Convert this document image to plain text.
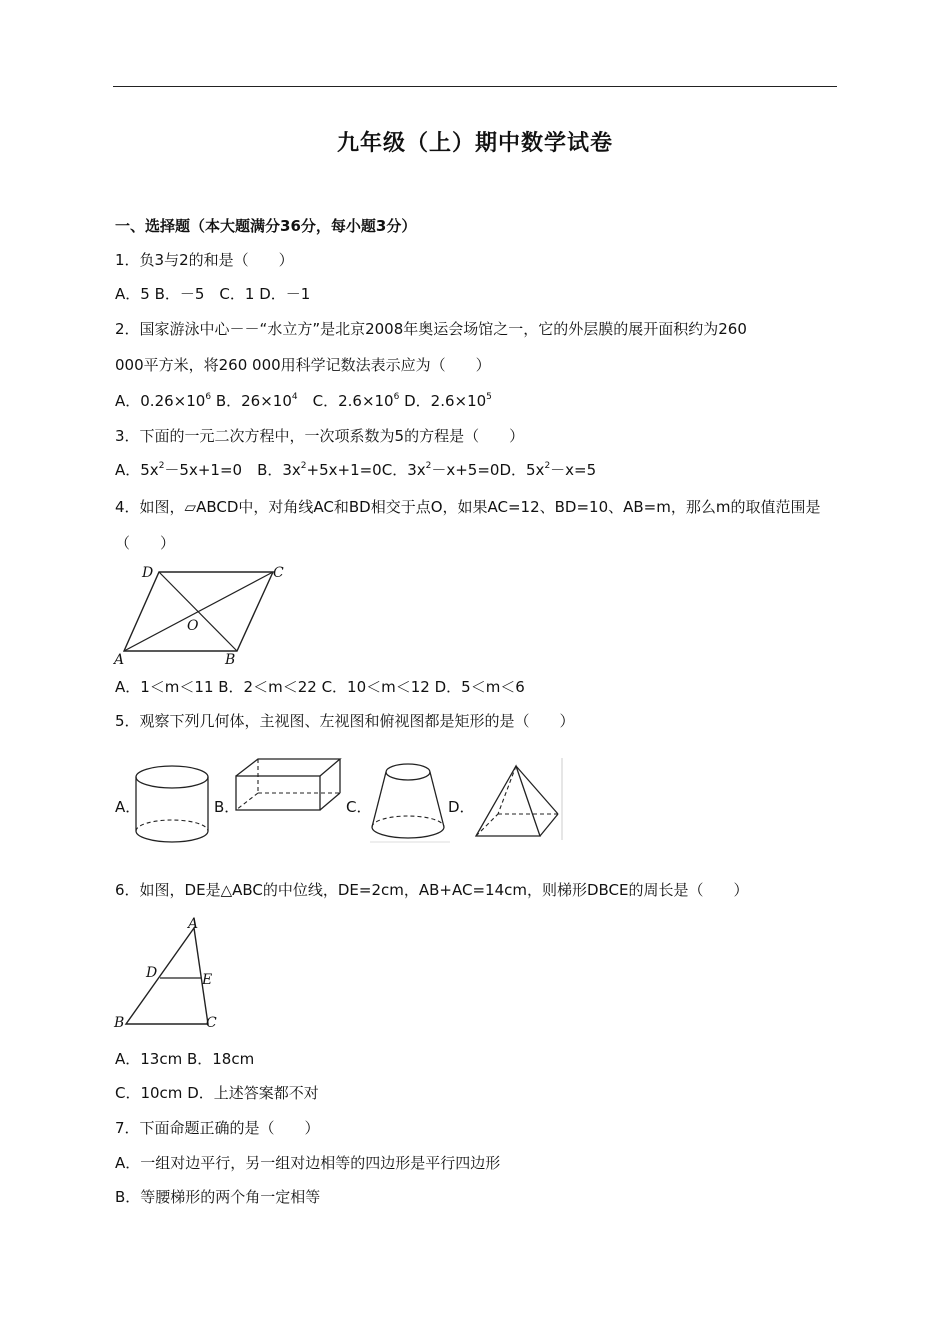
九年级（上）期中数学试卷
一、选择题（本大题满分36分，每小题3分）
1．负3与2的和是（　　）
A．5 B．－5　C．1 D．－1
2．国家游泳中心－－“水立方”是北京2008年奥运会场馆之一，它的外层膜的展开面积约为260
000平方米，将260 000用科学记数法表示应为（　　）
A．$0.26\times 10^6$ B．$26\times 10^4$　C．$2.6\times 10^6$ D．$2.6\times 10^5$
3．下面的一元二次方程中，一次项系数为5的方程是（　　）
A．$5x^2-5x+1=0$　B．$3x^2+5x+1=0C$．$3x^2-x+5=0D$．$5x^2-x=5$
4．如图，▱ABCD中，对角线AC和BD相交于点O，如果AC=12、BD=10、AB=m，那么m的取值范围是
（　　）
A	B
C
D
O
A．1＜m＜11 B．2＜m＜22 C．10＜m＜12 D．5＜m＜6
5．观察下列几何体，主视图、左视图和俯视图都是矩形的是（　　）
A．	B．	C．	D．
6．如图，DE是△ABC的中位线，DE=2cm，AB+AC=14cm，则梯形DBCE的周长是（　　）
A
B	C
D	E
A．13cm B．18cm
C．10cm D．上述答案都不对
7．下面命题正确的是（　　）
A．一组对边平行，另一组对边相等的四边形是平行四边形
B．等腰梯形的两个角一定相等
